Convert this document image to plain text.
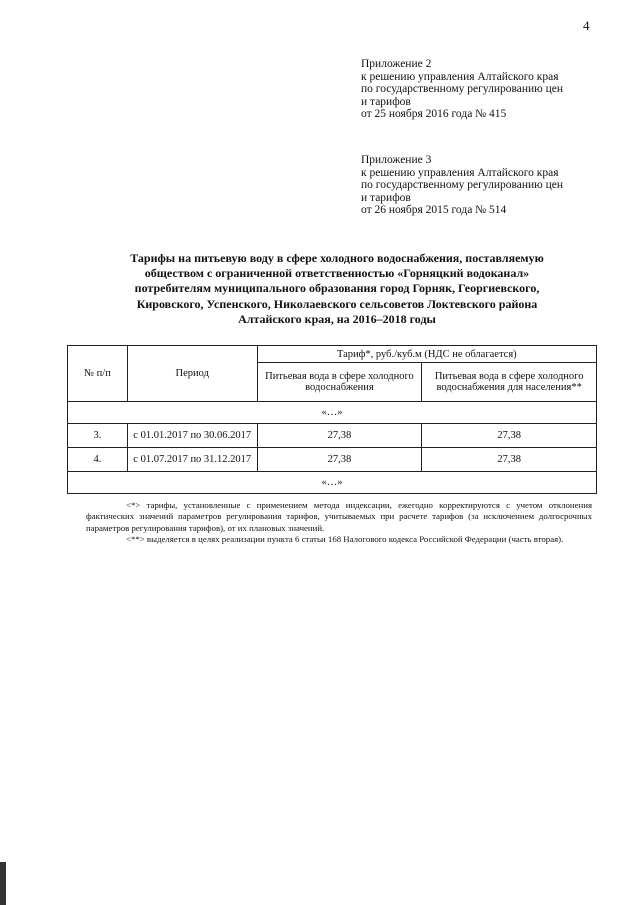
4
Приложение 2
к решению управления Алтайского края
по государственному регулированию цен
и тарифов
от 25 ноября 2016 года № 415
Приложение 3
к решению управления Алтайского края
по государственному регулированию цен
и тарифов
от 26 ноября 2015 года № 514
Тарифы на питьевую воду в сфере холодного водоснабжения, поставляемую
обществом с ограниченной ответственностью «Горняцкий водоканал»
потребителям муниципального образования город Горняк, Георгиевского,
Кировского, Успенского, Николаевского сельсоветов Локтевского района
Алтайского края, на 2016–2018 годы
№ п/п	Период	Тариф*, руб./куб.м (НДС не облагается)	
		Питьевая вода в сфере холодного водоснабжения	Питьевая вода в сфере холодного водоснабжения для населения**
«…»			
3.	с 01.01.2017 по 30.06.2017	27,38	27,38
4.	с 01.07.2017 по 31.12.2017	27,38	27,38
«…»			

<*> тарифы, установленные с применением метода индексации, ежегодно корректируются с учетом отклонения фактических значений параметров регулирования тарифов, учитываемых при расчете тарифов (за исключением долгосрочных параметров регулирования тарифов), от их плановых значений.

<**> выделяется в целях реализации пункта 6 статьи 168 Налогового кодекса Российской Федерации (часть вторая).
